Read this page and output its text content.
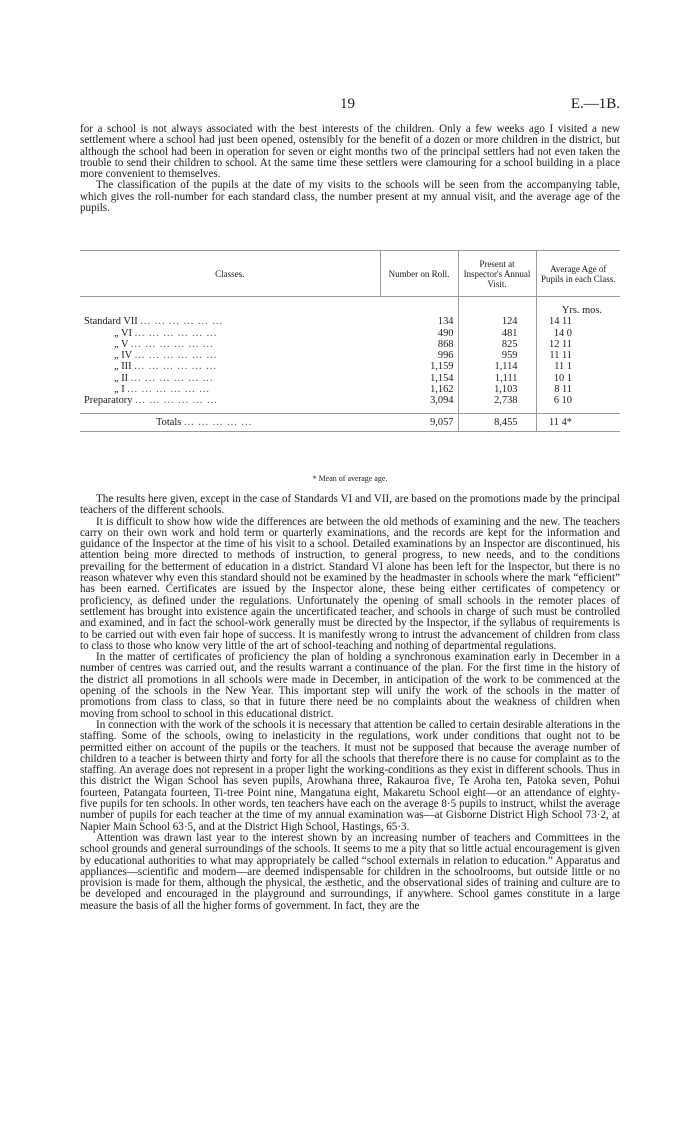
19	E.—1B.

for a school is not always associated with the best interests of the children. Only a few weeks ago I visited a new settlement where a school had just been opened, ostensibly for the benefit of a dozen or more children in the district, but although the school had been in operation for seven or eight months two of the principal settlers had not even taken the trouble to send their children to school. At the same time these settlers were clamouring for a school building in a place more convenient to themselves.

The classification of the pupils at the date of my visits to the schools will be seen from the accompanying table, which gives the roll-number for each standard class, the number present at my annual visit, and the average age of the pupils.

Classes.	Number on Roll.	Present at Inspector's Annual Visit.	Average Age of Pupils in each Class.

			Yrs. mos.
Standard VII ... ... ... ... ... ...	134	124	14 11
„ VI ... ... ... ... ... ...	490	481	14 0
„ V ... ... ... ... ... ...	868	825	12 11
„ IV ... ... ... ... ... ...	996	959	11 11
„ III ... ... ... ... ... ...	1,159	1,114	11 1
„ II ... ... ... ... ... ...	1,154	1,111	10 1
„ I ... ... ... ... ... ...	1,162	1,103	8 11
Preparatory ... ... ... ... ... ...	3,094	2,738	6 10

Totals ... ... ... ... ...	9,057	8,455	11 4*
* Mean of average age.

The results here given, except in the case of Standards VI and VII, are based on the promotions made by the principal teachers of the different schools.

It is difficult to show how wide the differences are between the old methods of examining and the new. The teachers carry on their own work and hold term or quarterly examinations, and the records are kept for the information and guidance of the Inspector at the time of his visit to a school. Detailed examinations by an Inspector are discontinued, his attention being more directed to methods of instruction, to general progress, to new needs, and to the conditions prevailing for the betterment of education in a district. Standard VI alone has been left for the Inspector, but there is no reason whatever why even this standard should not be examined by the headmaster in schools where the mark “efficient” has been earned. Certificates are issued by the Inspector alone, these being either certificates of competency or proficiency, as defined under the regulations. Unfortunately the opening of small schools in the remoter places of settlement has brought into existence again the uncertificated teacher, and schools in charge of such must be controlled and examined, and in fact the school-work generally must be directed by the Inspector, if the syllabus of requirements is to be carried out with even fair hope of success. It is manifestly wrong to intrust the advancement of children from class to class to those who know very little of the art of school-teaching and nothing of departmental regulations.

In the matter of certificates of proficiency the plan of holding a synchronous examination early in December in a number of centres was carried out, and the results warrant a continuance of the plan. For the first time in the history of the district all promotions in all schools were made in December, in anticipation of the work to be commenced at the opening of the schools in the New Year. This important step will unify the work of the schools in the matter of promotions from class to class, so that in future there need be no complaints about the weakness of children when moving from school to school in this educational district.

In connection with the work of the schools it is necessary that attention be called to certain desirable alterations in the staffing. Some of the schools, owing to inelasticity in the regulations, work under conditions that ought not to be permitted either on account of the pupils or the teachers. It must not be supposed that because the average number of children to a teacher is between thirty and forty for all the schools that therefore there is no cause for complaint as to the staffing. An average does not represent in a proper light the working-conditions as they exist in different schools. Thus in this district the Wigan School has seven pupils, Arowhana three, Rakauroa five, Te Aroha ten, Patoka seven, Pohui fourteen, Patangata fourteen, Ti-tree Point nine, Mangatuna eight, Makaretu School eight—or an attendance of eighty-five pupils for ten schools. In other words, ten teachers have each on the average 8·5 pupils to instruct, whilst the average number of pupils for each teacher at the time of my annual examination was—at Gisborne District High School 73·2, at Napier Main School 63·5, and at the District High School, Hastings, 65·3.

Attention was drawn last year to the interest shown by an increasing number of teachers and Committees in the school grounds and general surroundings of the schools. It seems to me a pity that so little actual encouragement is given by educational authorities to what may appropriately be called “school externals in relation to education.” Apparatus and appliances—scientific and modern—are deemed indispensable for children in the schoolrooms, but outside little or no provision is made for them, although the physical, the æsthetic, and the observational sides of training and culture are to be developed and encouraged in the playground and surroundings, if anywhere. School games constitute in a large measure the basis of all the higher forms of government. In fact, they are the
